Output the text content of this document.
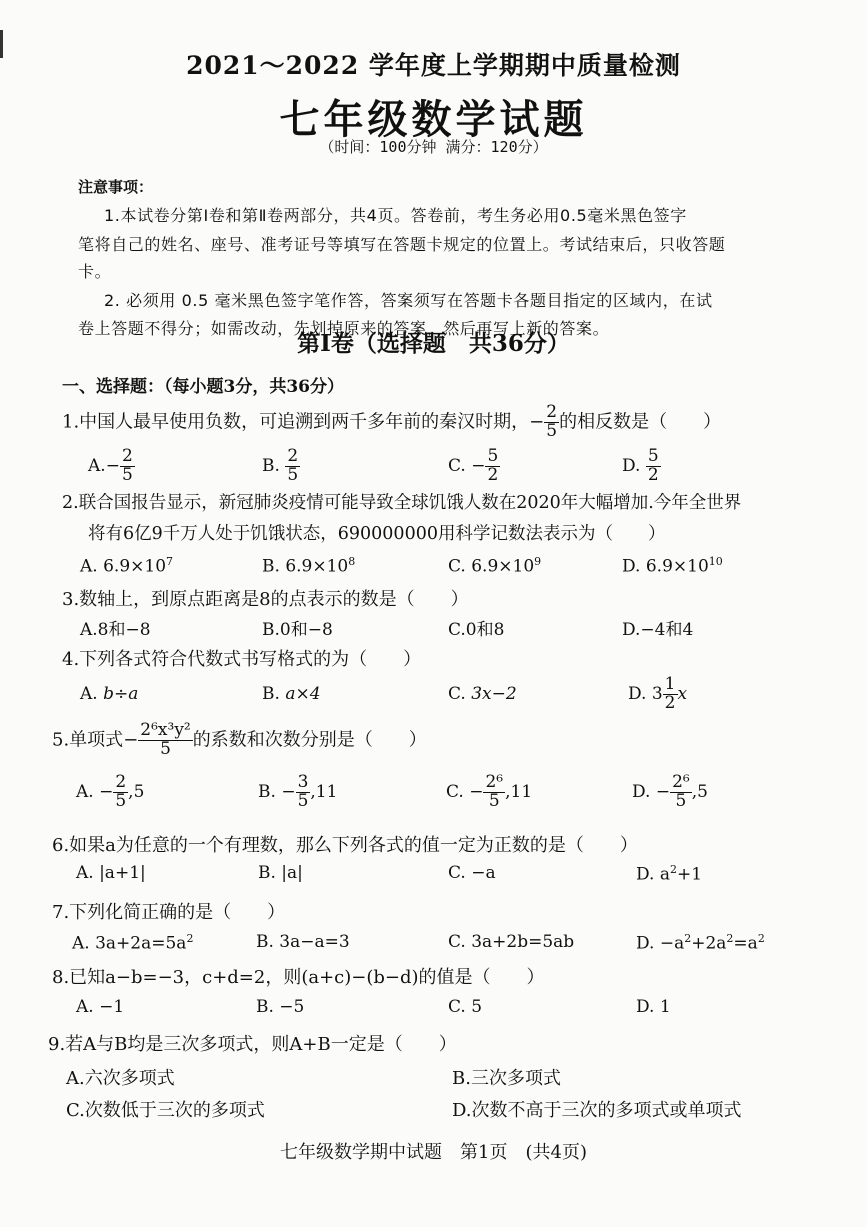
2021～2022 学年度上学期期中质量检测
七年级数学试题
（时间：100分钟 满分：120分）
注意事项：
1.本试卷分第Ⅰ卷和第Ⅱ卷两部分，共4页。答卷前，考生务必用0.5毫米黑色签字
笔将自己的姓名、座号、准考证号等填写在答题卡规定的位置上。考试结束后，只收答题
卡。
2. 必须用 0.5 毫米黑色签字笔作答，答案须写在答题卡各题目指定的区域内，在试
卷上答题不得分；如需改动，先划掉原来的答案，然后再写上新的答案。
第Ⅰ卷（选择题　共36分）
一、选择题：（每小题3分，共36分）
1.中国人最早使用负数，可追溯到两千多年前的秦汉时期，− $\frac{2}{5}$ 的相反数是（　　）
$A.- \frac{2}{5}$	B. $\frac{2}{5}$	C. − $\frac{5}{2}$	D. $\frac{5}{2}$
2.联合国报告显示，新冠肺炎疫情可能导致全球饥饿人数在2020年大幅增加.今年全世界
将有6亿9千万人处于饥饿状态，690000000用科学记数法表示为（　　）
A. $6.9\times 10^7$	B. $6.9\times 10^8$	C. $6.9\times 10^9$	D. $6.9\times 10^{10}$
3.数轴上，到原点距离是8的点表示的数是（　　）
A.8和−8	B.0和−8	C.0和8	D.−4和4
4.下列各式符合代数式书写格式的为（　　）
A. b÷a	B. a×4	C. 3x−2	D. $3 \frac{1}{2}$ x
5.单项式− $\frac{\text{2⁶x³y²}}{5}$ 的系数和次数分别是（　　）
A. − $\frac{2}{5} ,5$	B. − $\frac{3}{5} ,11$	C. − $\frac{\text{2⁶}}{5} ,11$	D. − $\frac{\text{2⁶}}{5} ,5$
6.如果a为任意的一个有理数，那么下列各式的值一定为正数的是（　　）
A. |a+1|	B. |a|	C. −a	D. $a^2+1$
7.下列化简正确的是（　　）
A. $3a+2a=5a^2$	B. 3a−a=3	C. 3a+2b=5ab	D. $-a^2+2a^2=a^2$
8.已知a−b=−3，c+d=2，则(a+c)−(b−d)的值是（　　）
A. −1	B. −5	C. 5	D. 1
9.若A与B均是三次多项式，则A+B一定是（　　）
A.六次多项式	B.三次多项式
C.次数低于三次的多项式	D.次数不高于三次的多项式或单项式
七年级数学期中试题　第1页　(共4页)
